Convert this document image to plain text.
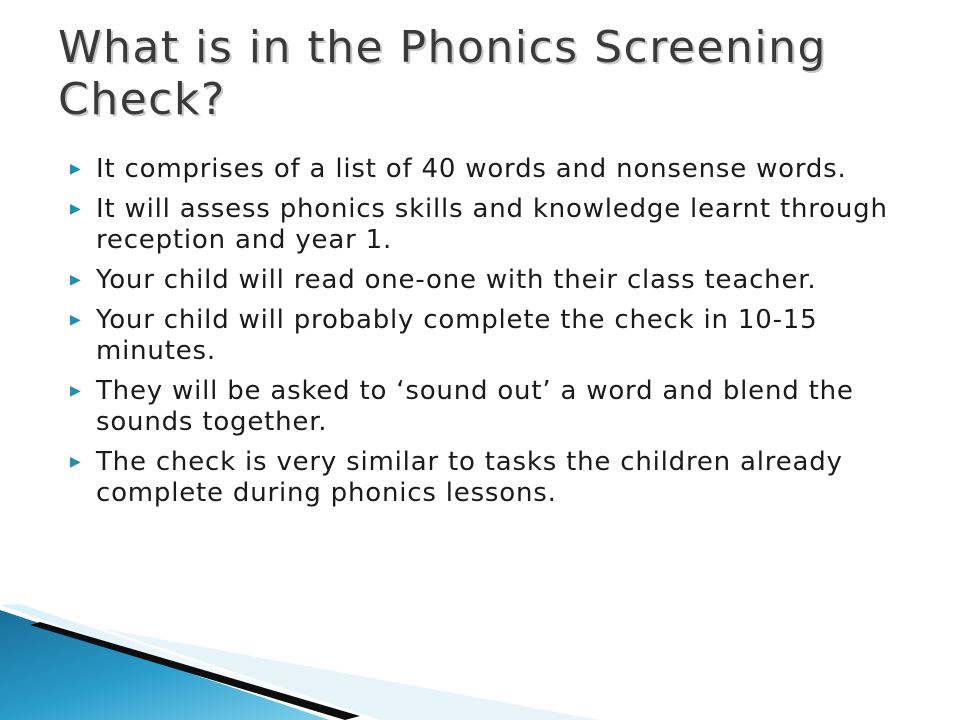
What is in the Phonics Screening Check?
▶ It comprises of a list of 40 words and nonsense words.
▶ It will assess phonics skills and knowledge learnt through reception and year 1.
▶ Your child will read one-one with their class teacher.
▶ Your child will probably complete the check in 10-15 minutes.
▶ They will be asked to ‘sound out’ a word and blend the sounds together.
▶ The check is very similar to tasks the children already complete during phonics lessons.
